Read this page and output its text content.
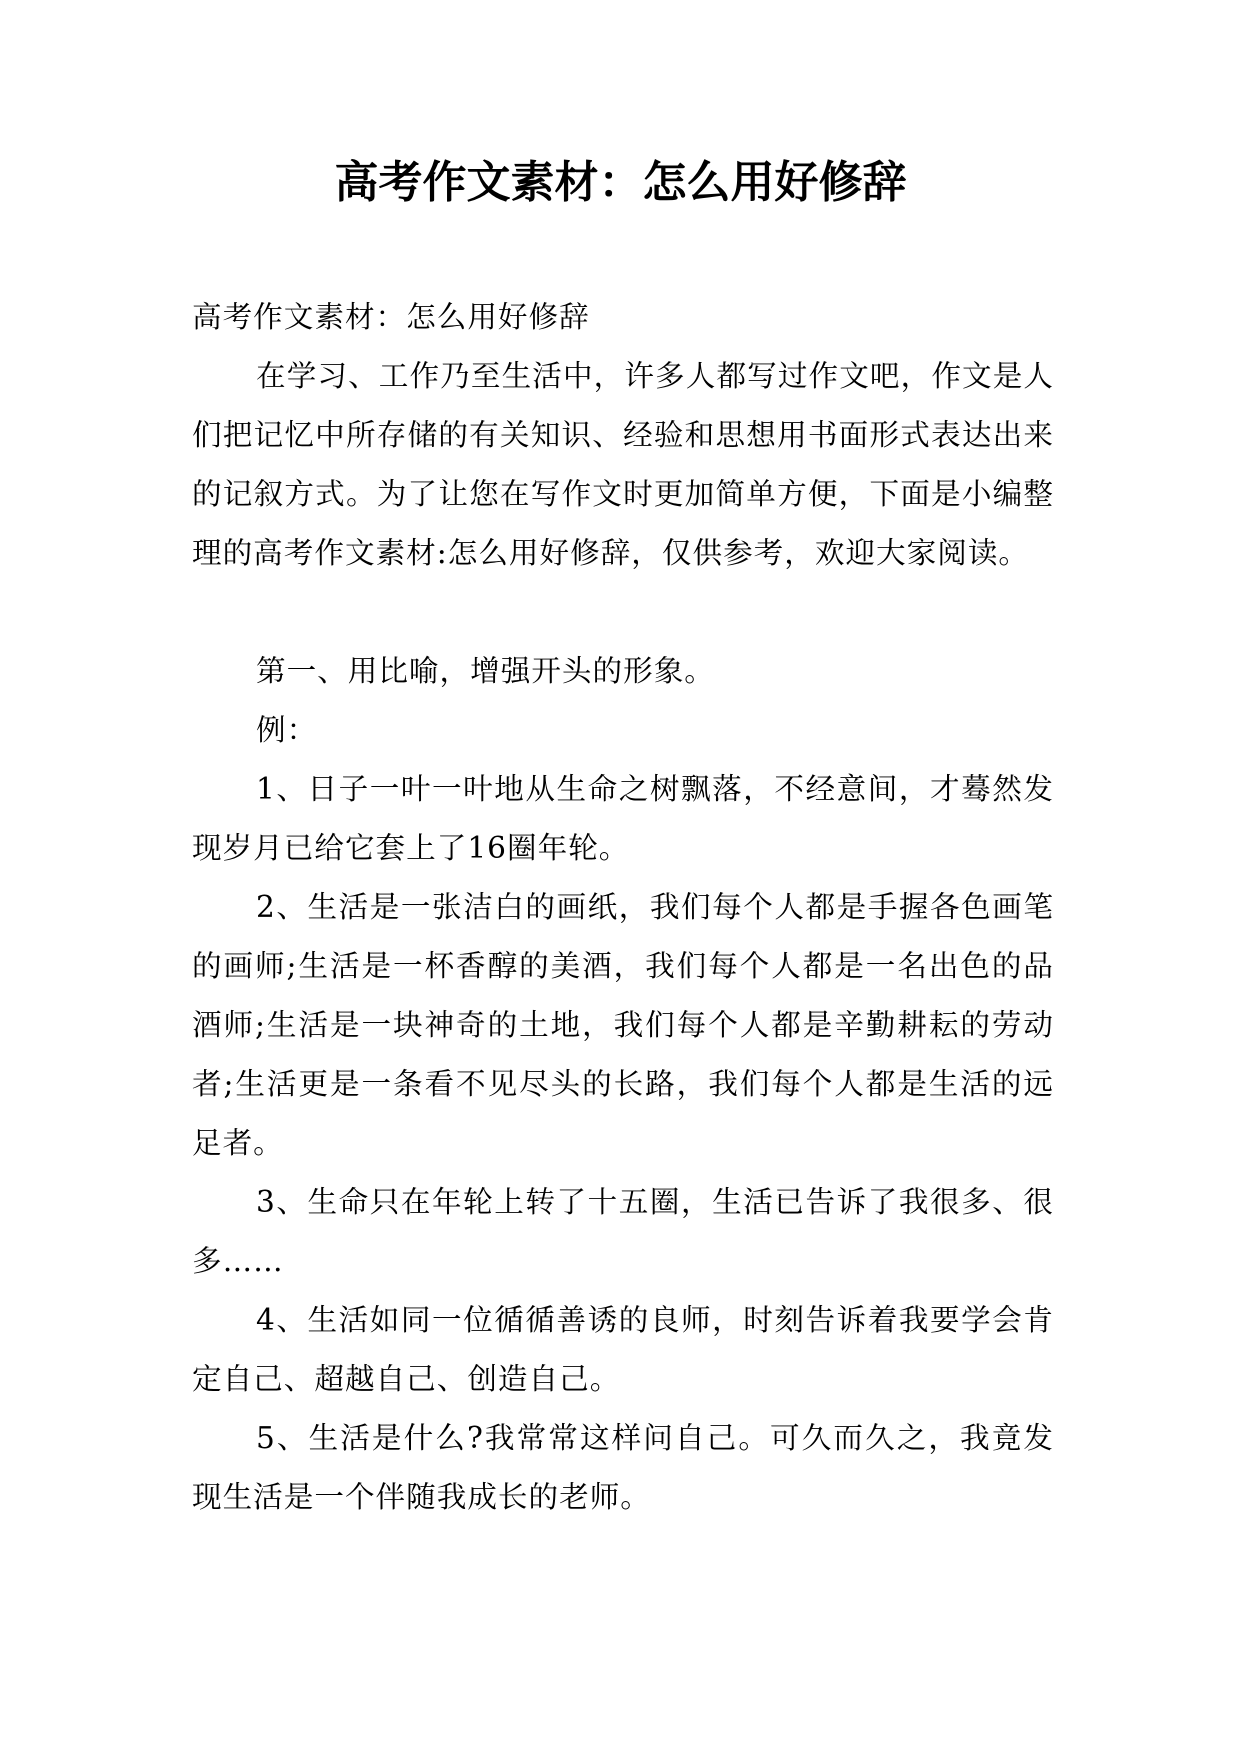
高考作文素材：怎么用好修辞

高考作文素材：怎么用好修辞

在学习、工作乃至生活中，许多人都写过作文吧，作文是人们把记忆中所存储的有关知识、经验和思想用书面形式表达出来的记叙方式。为了让您在写作文时更加简单方便，下面是小编整理的高考作文素材:怎么用好修辞，仅供参考，欢迎大家阅读。

第一、用比喻，增强开头的形象。

例：

1、日子一叶一叶地从生命之树飘落，不经意间，才蓦然发现岁月已给它套上了16圈年轮。

2、生活是一张洁白的画纸，我们每个人都是手握各色画笔的画师;生活是一杯香醇的美酒，我们每个人都是一名出色的品酒师;生活是一块神奇的土地，我们每个人都是辛勤耕耘的劳动者;生活更是一条看不见尽头的长路，我们每个人都是生活的远足者。

3、生命只在年轮上转了十五圈，生活已告诉了我很多、很多……

4、生活如同一位循循善诱的良师，时刻告诉着我要学会肯定自己、超越自己、创造自己。

5、生活是什么?我常常这样问自己。可久而久之，我竟发现生活是一个伴随我成长的老师。
